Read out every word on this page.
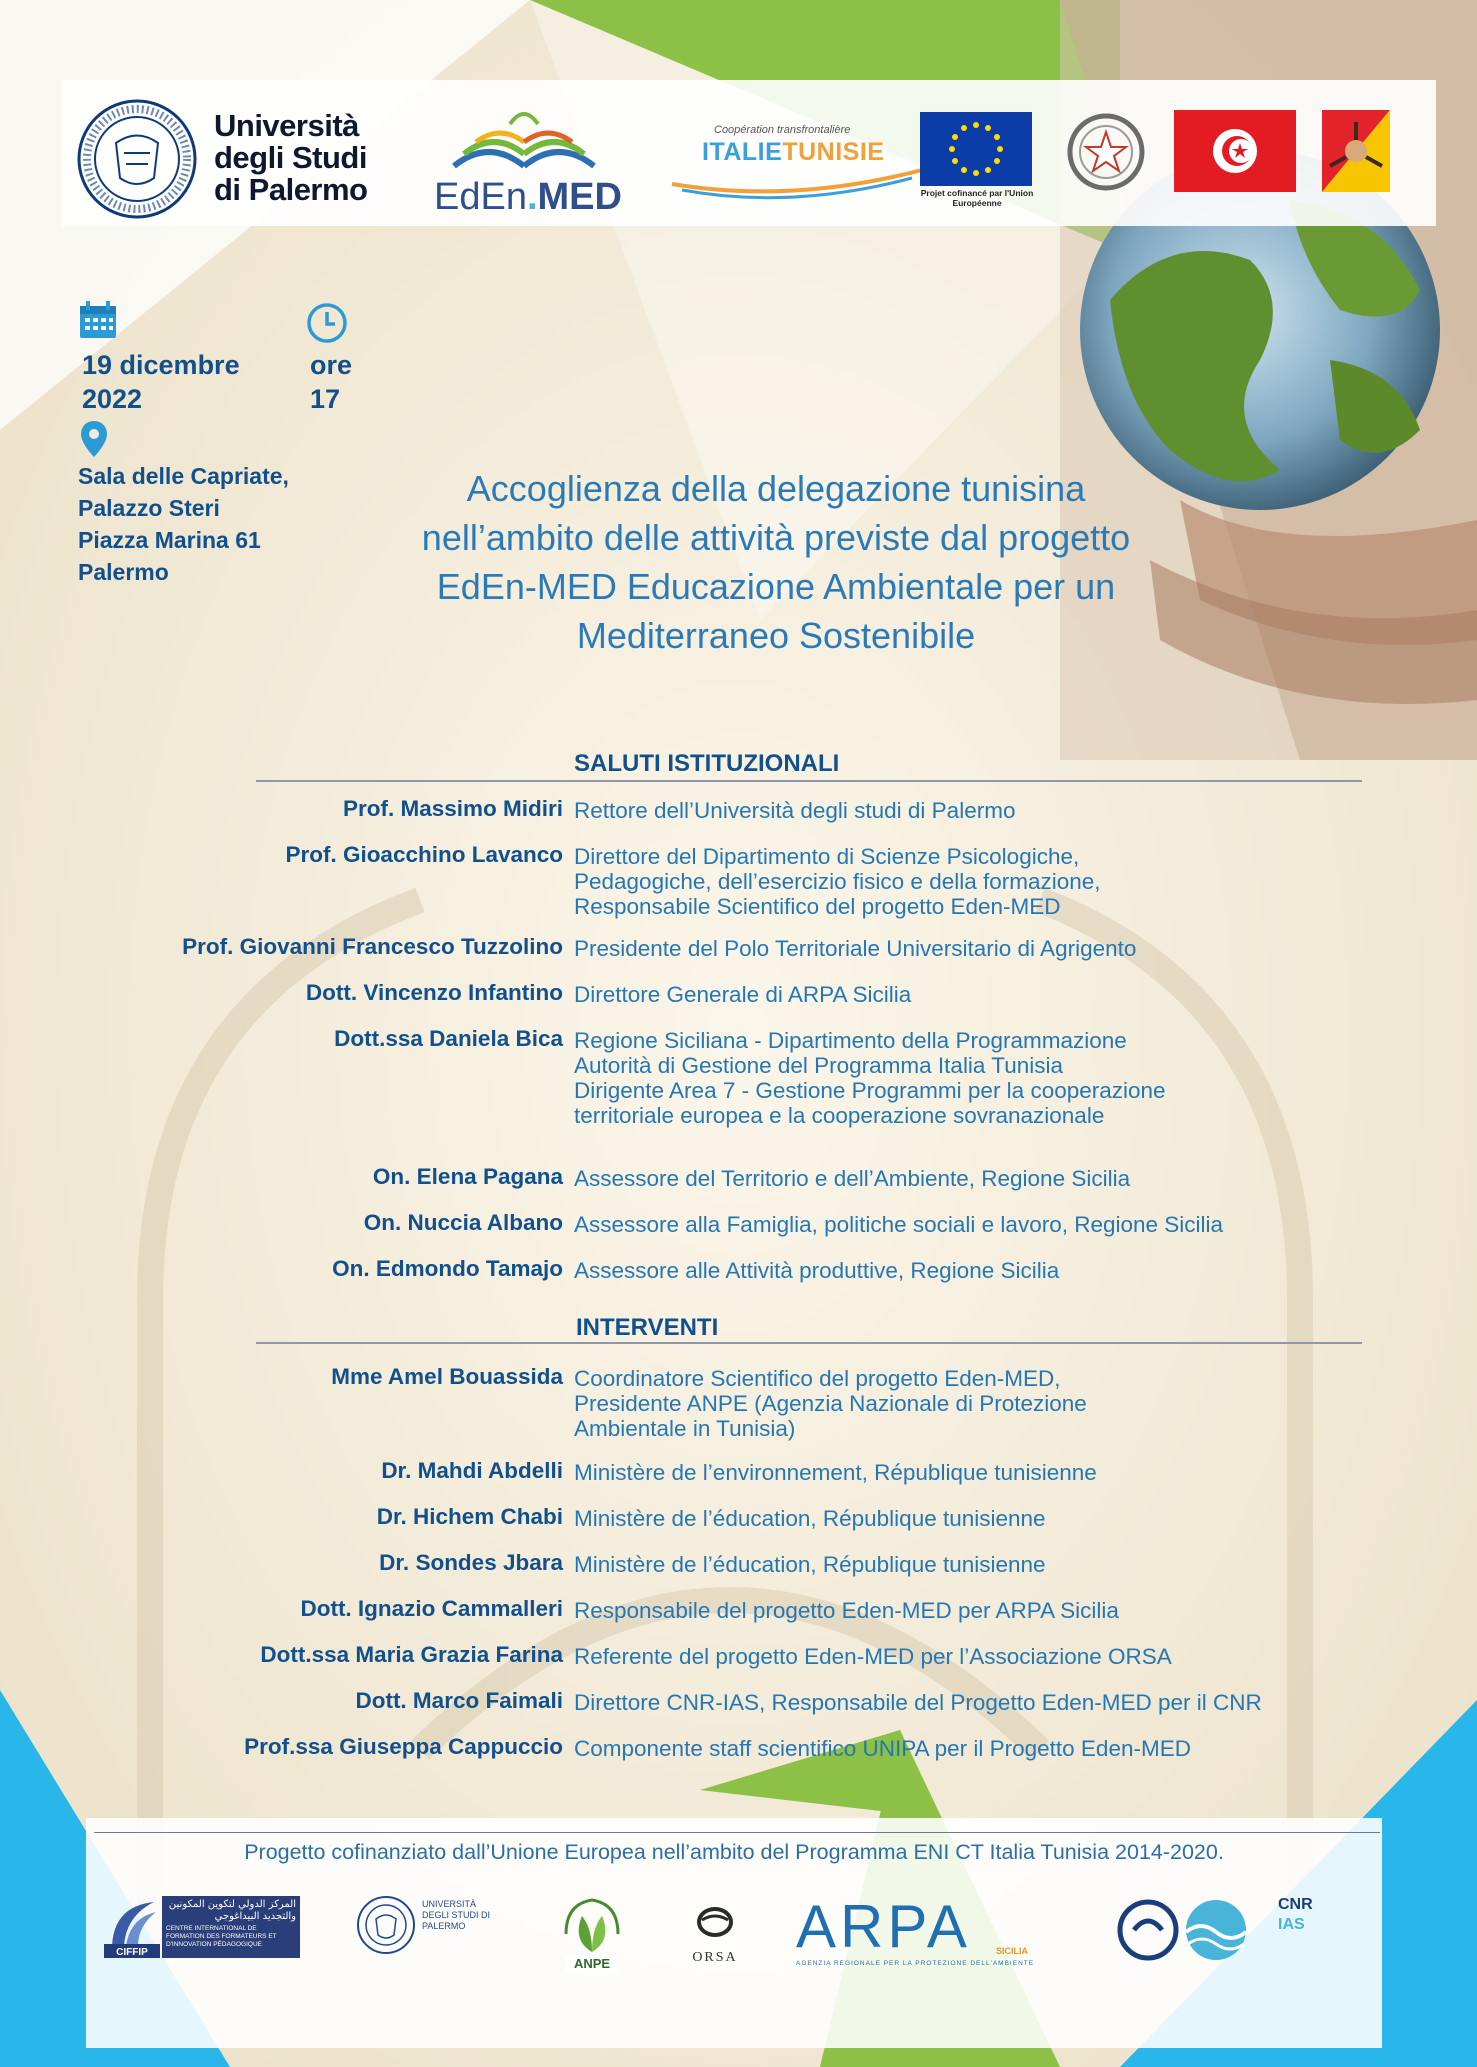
Università
degli Studi
di Palermo EdEn.MED
Coopération transfrontalière
ITALIETUNISIE
Projet cofinancé par l'Union Européenne
19 dicembre 2022
ore 17
Sala delle Capriate,
Palazzo Steri
Piazza Marina 61
Palermo
Accoglienza della delegazione tunisina nell’ambito delle attività previste dal progetto EdEn-MED Educazione Ambientale per un Mediterraneo Sostenibile
SALUTI ISTITUZIONALI
Prof. Massimo Midiri Rettore dell’Università degli studi di Palermo
Prof. Gioacchino Lavanco Direttore del Dipartimento di Scienze Psicologiche,
Pedagogiche, dell’esercizio fisico e della formazione,
Responsabile Scientifico del progetto Eden-MED
Prof. Giovanni Francesco Tuzzolino Presidente del Polo Territoriale Universitario di Agrigento
Dott. Vincenzo Infantino Direttore Generale di ARPA Sicilia
Dott.ssa Daniela Bica Regione Siciliana - Dipartimento della Programmazione
Autorità di Gestione del Programma Italia Tunisia
Dirigente Area 7 - Gestione Programmi per la cooperazione
territoriale europea e la cooperazione sovranazionale
On. Elena Pagana Assessore del Territorio e dell’Ambiente, Regione Sicilia
On. Nuccia Albano Assessore alla Famiglia, politiche sociali e lavoro, Regione Sicilia
On. Edmondo Tamajo Assessore alle Attività produttive, Regione Sicilia
INTERVENTI
Mme Amel Bouassida Coordinatore Scientifico del progetto Eden-MED,
Presidente ANPE (Agenzia Nazionale di Protezione
Ambientale in Tunisia)
Dr. Mahdi Abdelli Ministère de l’environnement, République tunisienne
Dr. Hichem Chabi Ministère de l’éducation, République tunisienne
Dr. Sondes Jbara Ministère de l’éducation, République tunisienne
Dott. Ignazio Cammalleri Responsabile del progetto Eden-MED per ARPA Sicilia
Dott.ssa Maria Grazia Farina Referente del progetto Eden-MED per l’Associazione ORSA
Dott. Marco Faimali Direttore CNR-IAS, Responsabile del Progetto Eden-MED per il CNR
Prof.ssa Giuseppa Cappuccio Componente staff scientifico UNIPA per il Progetto Eden-MED
Progetto cofinanziato dall’Unione Europea nell’ambito del Programma ENI CT Italia Tunisia 2014-2020.
CIFFIP
المركز الدولي لتكوين المكونين والتجديد البيداغوجي
CENTRE INTERNATIONAL DE FORMATION DES FORMATEURS ET D'INNOVATION PÉDAGOGIQUE
UNIVERSITÀ DEGLI STUDI DI PALERMO
ANPE	ORSA ARPA	SICILIA
AGENZIA REGIONALE PER LA PROTEZIONE DELL'AMBIENTE
CNR
IAS
